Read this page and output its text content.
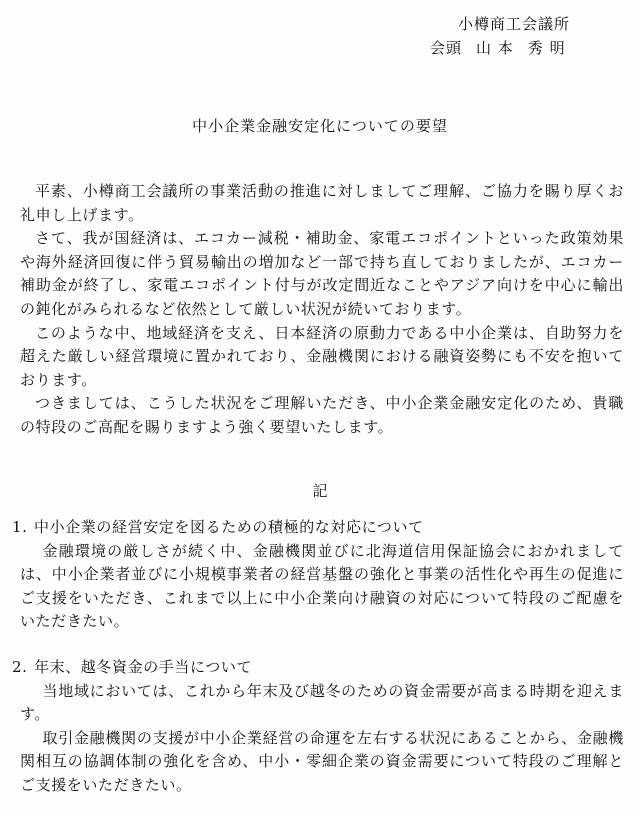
小樽商工会議所
会頭 山 本 秀 明
中小企業金融安定化についての要望

平素、小樽商工会議所の事業活動の推進に対しましてご理解、ご協力を賜り厚くお礼申し上げます。

さて、我が国経済は、エコカー減税・補助金、家電エコポイントといった政策効果や海外経済回復に伴う貿易輸出の増加など一部で持ち直しておりましたが、エコカー補助金が終了し、家電エコポイント付与が改定間近なことやアジア向けを中心に輸出の鈍化がみられるなど依然として厳しい状況が続いております。

このような中、地域経済を支え、日本経済の原動力である中小企業は、自助努力を超えた厳しい経営環境に置かれており、金融機関における融資姿勢にも不安を抱いております。

つきましては、こうした状況をご理解いただき、中小企業金融安定化のため、貴職の特段のご高配を賜りますよう強く要望いたします。

記
1. 中小企業の経営安定を図るための積極的な対応について

金融環境の厳しさが続く中、金融機関並びに北海道信用保証協会におかれましては、中小企業者並びに小規模事業者の経営基盤の強化と事業の活性化や再生の促進にご支援をいただき、これまで以上に中小企業向け融資の対応について特段のご配慮をいただきたい。

2. 年末、越冬資金の手当について

当地域においては、これから年末及び越冬のための資金需要が高まる時期を迎えます。

取引金融機関の支援が中小企業経営の命運を左右する状況にあることから、金融機関相互の協調体制の強化を含め、中小・零細企業の資金需要について特段のご理解とご支援をいただきたい。
